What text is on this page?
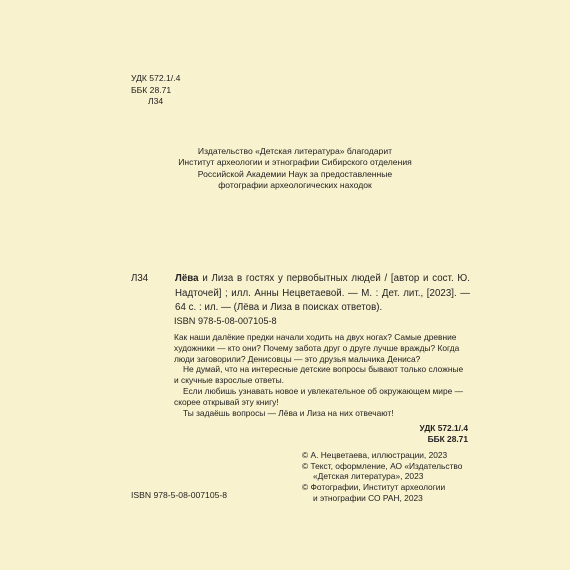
УДК 572.1/.4
ББК 28.71
Л34
Издательство «Детская литература» благодарит
Институт археологии и этнографии Сибирского отделения
Российской Академии Наук за предоставленные
фотографии археологических находок
Л34	Лёва и Лиза в гостях у первобытных людей / [автор и сост. Ю. Надточей] ; илл. Анны Нецветаевой. — М. : Дет. лит., [2023]. — 64 с. : ил. — (Лёва и Лиза в поисках ответов).
ISBN 978-5-08-007105-8

Как наши далёкие предки начали ходить на двух ногах? Самые древние художники — кто они? Почему забота друг о друге лучше вражды? Когда люди заговорили? Денисовцы — это друзья мальчика Дениса?

Не думай, что на интересные детские вопросы бывают только сложные и скучные взрослые ответы.

Если любишь узнавать новое и увлекательное об окружающем мире — скорее открывай эту книгу!

Ты задаёшь вопросы — Лёва и Лиза на них отвечают!

УДК 572.1/.4
ББК 28.71
© А. Нецветаева, иллюстрации, 2023
© Текст, оформление, АО «Издательство
«Детская литература», 2023
© Фотографии, Институт археологии
и этнографии СО РАН, 2023
ISBN 978-5-08-007105-8
